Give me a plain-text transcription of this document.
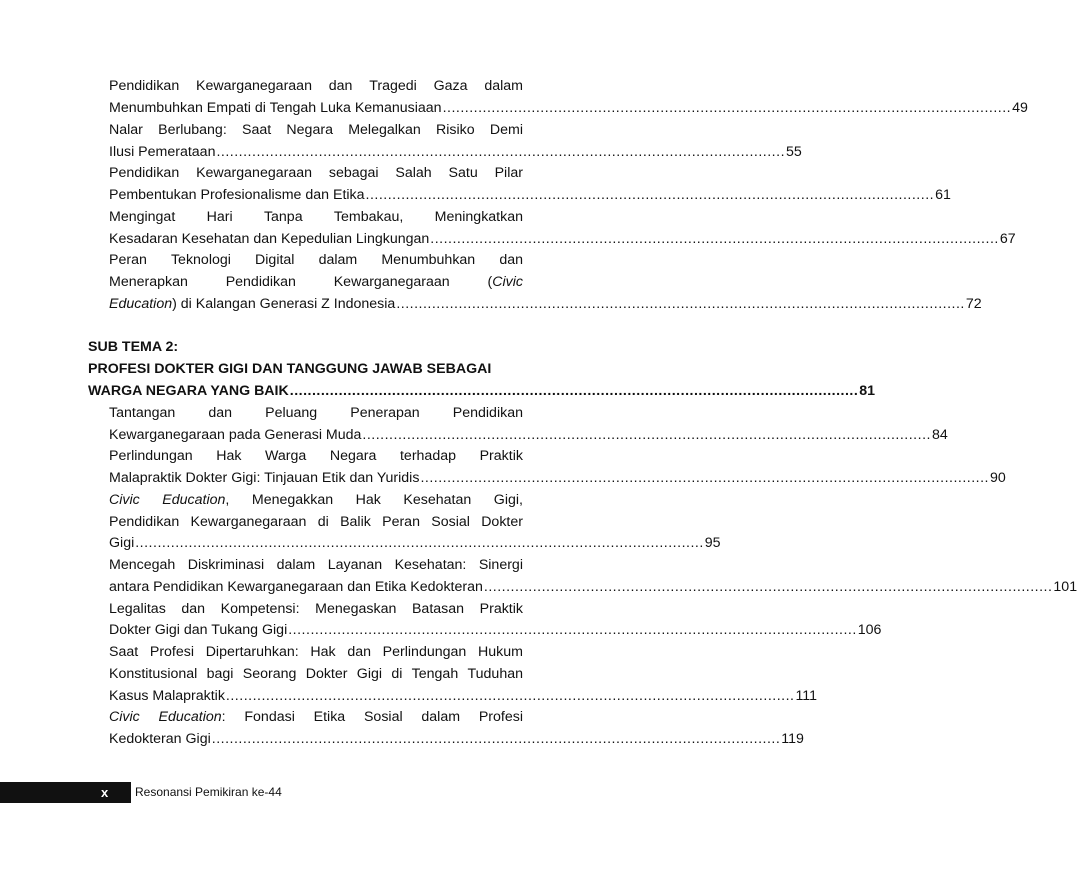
Pendidikan Kewarganegaraan dan Tragedi Gaza dalam
Menumbuhkan Empati di Tengah Luka Kemanusiaan ................................................................................................................................ 49
Nalar Berlubang: Saat Negara Melegalkan Risiko Demi
Ilusi Pemerataan ................................................................................................................................ 55
Pendidikan Kewarganegaraan sebagai Salah Satu Pilar
Pembentukan Profesionalisme dan Etika ................................................................................................................................ 61
Mengingat Hari Tanpa Tembakau, Meningkatkan
Kesadaran Kesehatan dan Kepedulian Lingkungan ................................................................................................................................ 67
Peran Teknologi Digital dalam Menumbuhkan dan
Menerapkan	Pendidikan	Kewarganegaraan	(Civic
Education) di Kalangan Generasi Z Indonesia ................................................................................................................................ 72
SUB TEMA 2:
PROFESI DOKTER GIGI DAN TANGGUNG JAWAB SEBAGAI
WARGA NEGARA YANG BAIK ................................................................................................................................ 81
Tantangan dan Peluang Penerapan Pendidikan
Kewarganegaraan pada Generasi Muda ................................................................................................................................ 84
Perlindungan Hak Warga Negara terhadap Praktik
Malapraktik Dokter Gigi: Tinjauan Etik dan Yuridis ................................................................................................................................ 90
Civic Education, Menegakkan Hak Kesehatan Gigi,
Pendidikan Kewarganegaraan di Balik Peran Sosial Dokter
Gigi ................................................................................................................................ 95
Mencegah Diskriminasi dalam Layanan Kesehatan: Sinergi
antara Pendidikan Kewarganegaraan dan Etika Kedokteran ................................................................................................................................ 101
Legalitas dan Kompetensi: Menegaskan Batasan Praktik
Dokter Gigi dan Tukang Gigi ................................................................................................................................ 106
Saat Profesi Dipertaruhkan: Hak dan Perlindungan Hukum
Konstitusional bagi Seorang Dokter Gigi di Tengah Tuduhan
Kasus Malapraktik ................................................................................................................................ 111
Civic Education: Fondasi Etika Sosial dalam Profesi
Kedokteran Gigi ................................................................................................................................ 119
x Resonansi Pemikiran ke-44
